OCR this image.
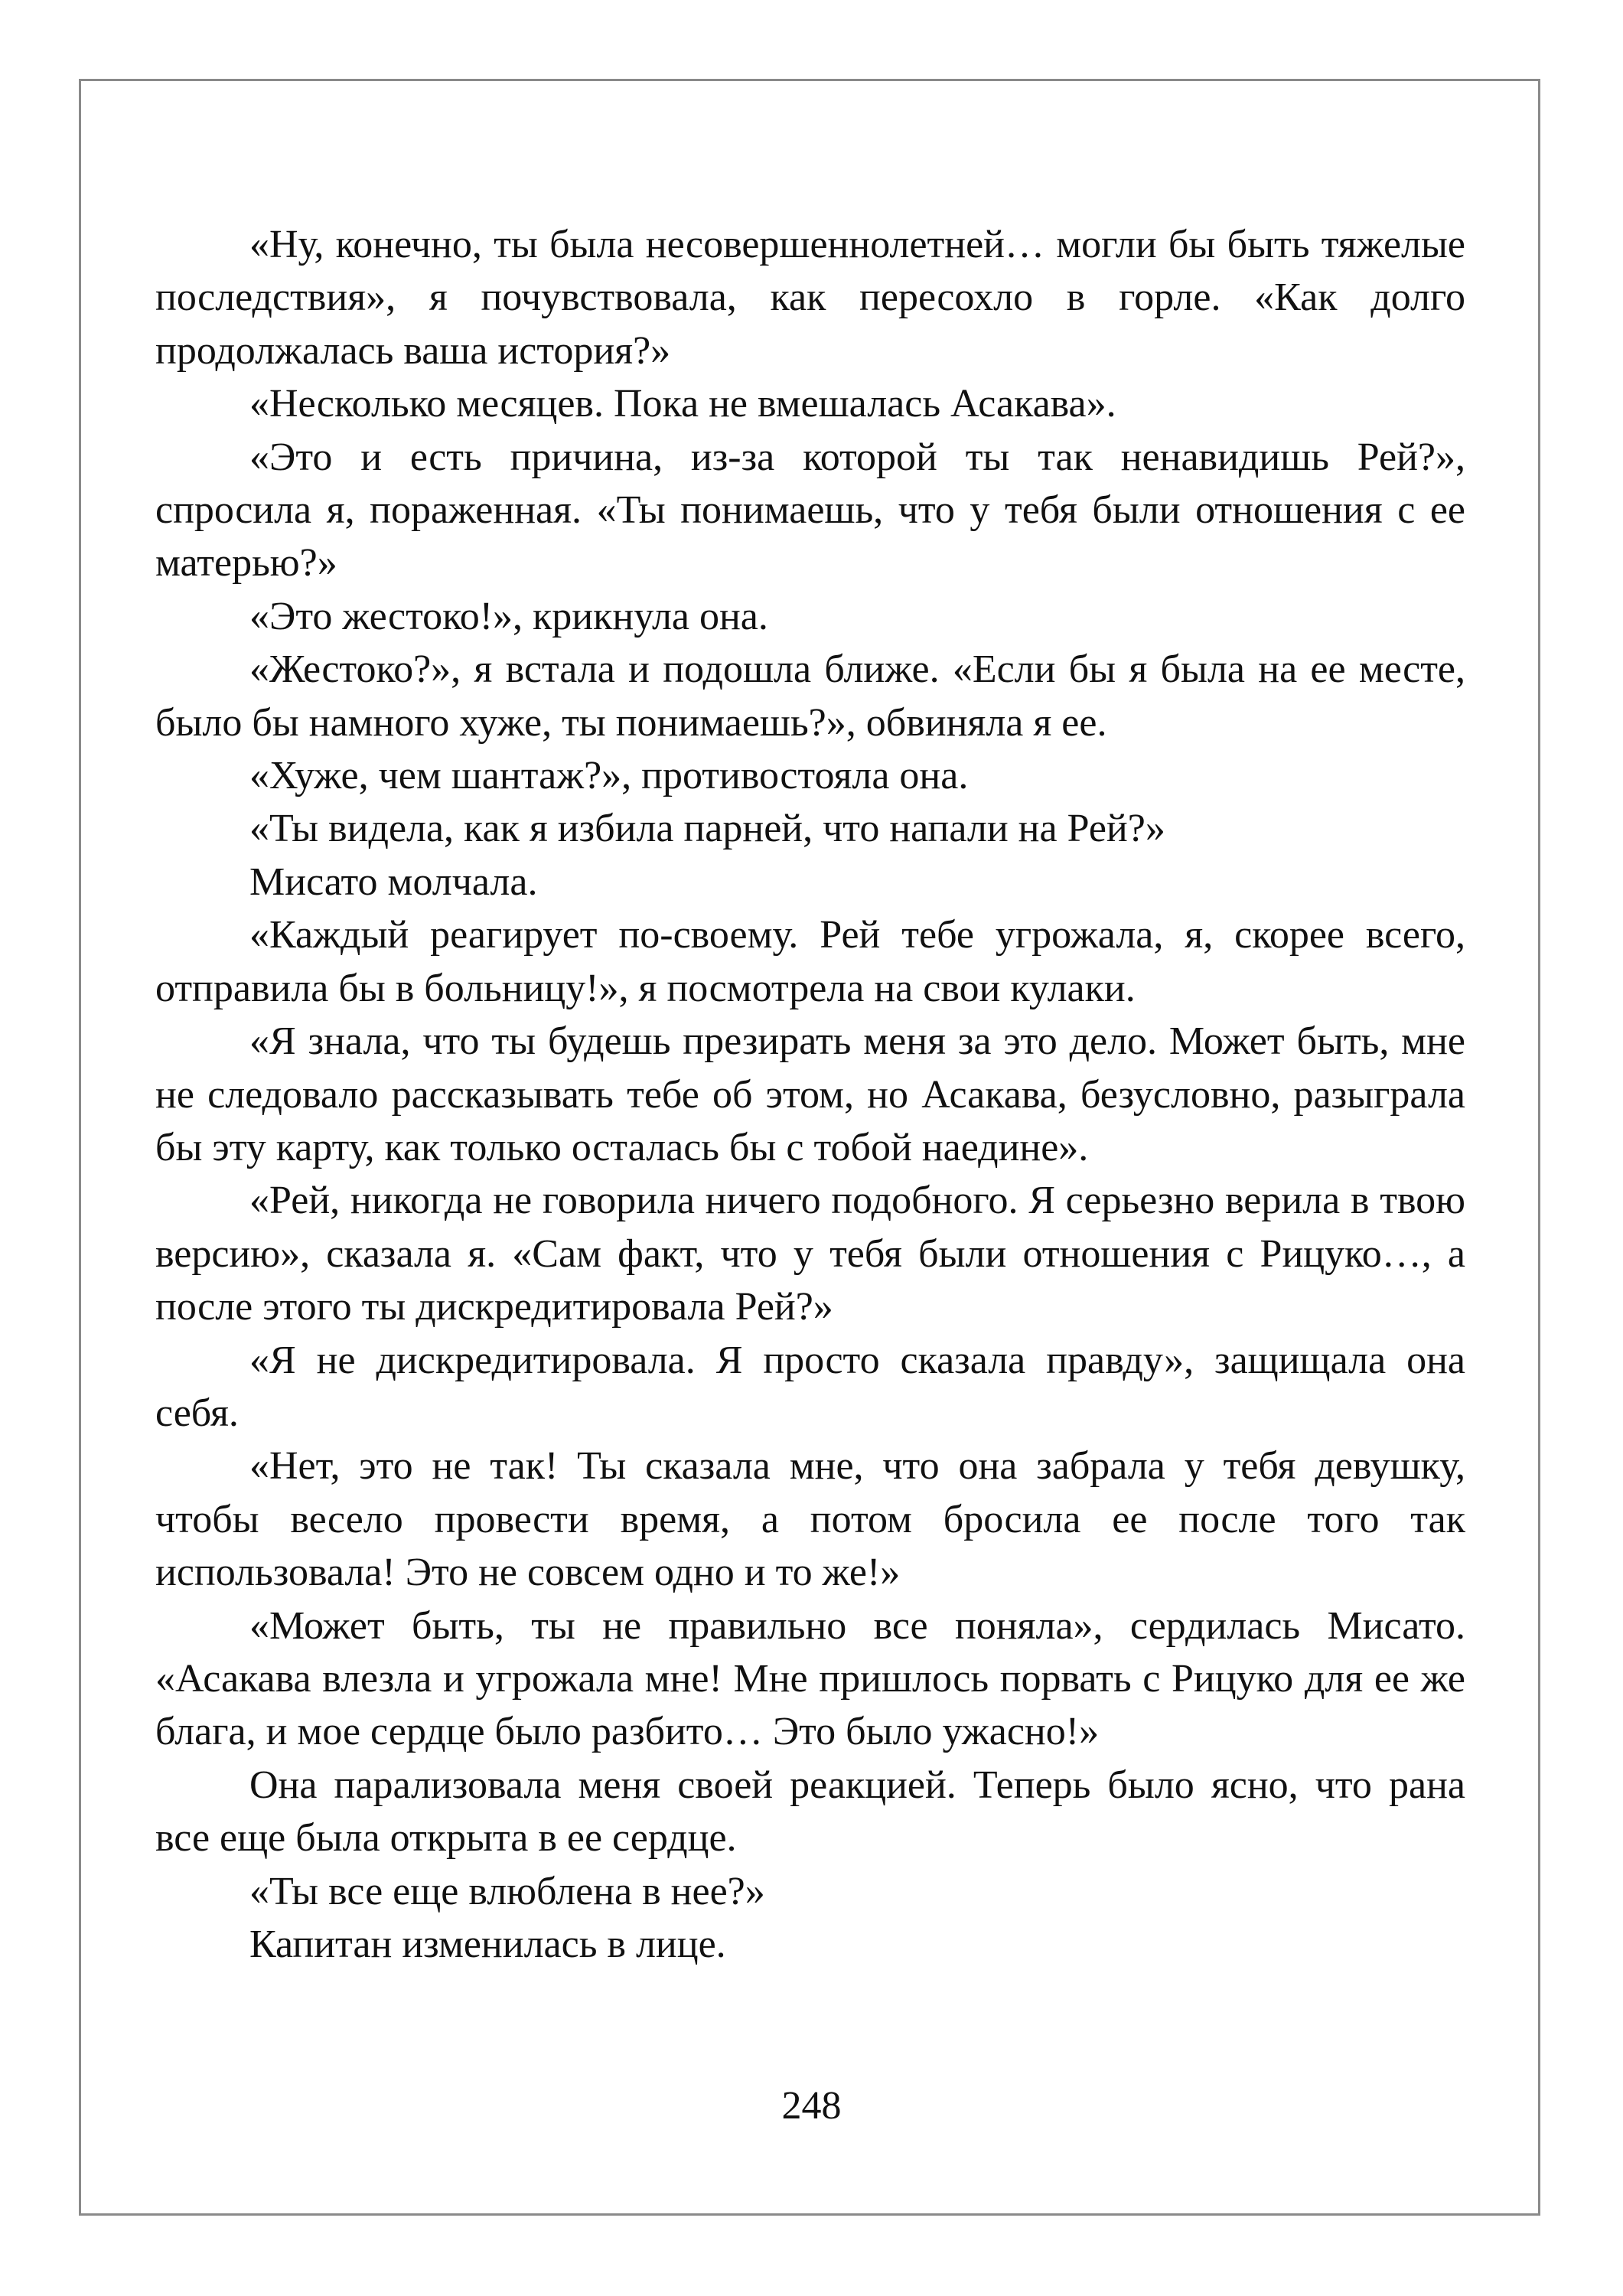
«Ну, конечно, ты была несовершеннолетней… могли бы быть тяжелые последствия», я почувствовала, как пересохло в горле. «Как долго продолжалась ваша история?»

«Несколько месяцев. Пока не вмешалась Асакава».

«Это и есть причина, из-за которой ты так ненавидишь Рей?», спросила я, пораженная. «Ты понимаешь, что у тебя были отношения с ее матерью?»

«Это жестоко!», крикнула она.

«Жестоко?», я встала и подошла ближе. «Если бы я была на ее месте, было бы намного хуже, ты понимаешь?», обвиняла я ее.

«Хуже, чем шантаж?», противостояла она.

«Ты видела, как я избила парней, что напали на Рей?»

Мисато молчала.

«Каждый реагирует по-своему. Рей тебе угрожала, я, скорее всего, отправила бы в больницу!», я посмотрела на свои кулаки.

«Я знала, что ты будешь презирать меня за это дело. Может быть, мне не следовало рассказывать тебе об этом, но Асакава, безусловно, разыграла бы эту карту, как только осталась бы с тобой наедине».

«Рей, никогда не говорила ничего подобного. Я серьезно верила в твою версию», сказала я. «Сам факт, что у тебя были отношения с Рицуко…, а после этого ты дискредитировала Рей?»

«Я не дискредитировала. Я просто сказала правду», защищала она себя.

«Нет, это не так! Ты сказала мне, что она забрала у тебя девушку, чтобы весело провести время, а потом бросила ее после того так использовала! Это не совсем одно и то же!»

«Может быть, ты не правильно все поняла», сердилась Мисато. «Асакава влезла и угрожала мне! Мне пришлось порвать с Рицуко для ее же блага, и мое сердце было разбито… Это было ужасно!»

Она парализовала меня своей реакцией. Теперь было ясно, что рана все еще была открыта в ее сердце.

«Ты все еще влюблена в нее?»

Капитан изменилась в лице.

248
